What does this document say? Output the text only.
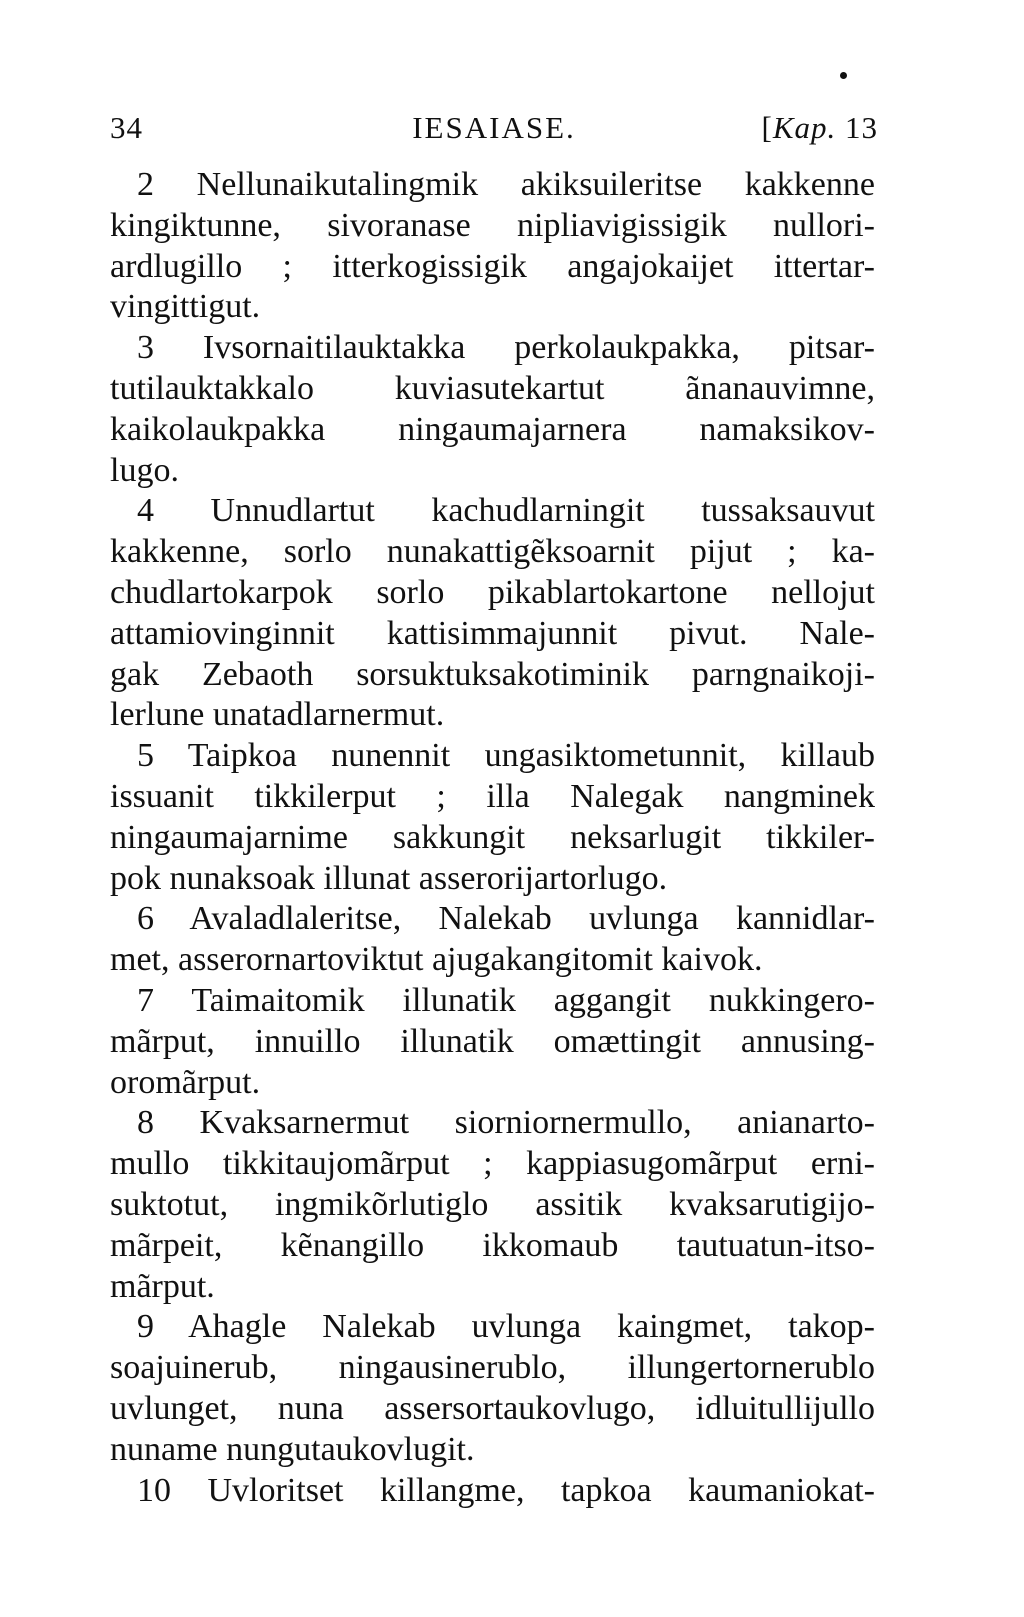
34	IESAIASE.	[Kap. 13
2 Nellunaikutalingmik akiksuileritse kakkenne
kingiktunne, sivoranase nipliavigissigik nullori-
ardlugillo ; itterkogissigik angajokaijet ittertar-
vingittigut.
3 Ivsornaitilauktakka perkolaukpakka, pitsar-
tutilauktakkalo kuviasutekartut ãnanauvimne,
kaikolaukpakka ningaumajarnera namaksikov-
lugo.
4 Unnudlartut kachudlarningit tussaksauvut
kakkenne, sorlo nunakattigẽksoarnit pijut ; ka-
chudlartokarpok sorlo pikablartokartone nellojut
attamiovinginnit kattisimmajunnit pivut. Nale-
gak Zebaoth sorsuktuksakotiminik parngnaikoji-
lerlune unatadlarnermut.
5 Taipkoa nunennit ungasiktometunnit, killaub
issuanit tikkilerput ; illa Nalegak nangminek
ningaumajarnime sakkungit neksarlugit tikkiler-
pok nunaksoak illunat asserorijartorlugo.
6 Avaladlaleritse, Nalekab uvlunga kannidlar-
met, asserornartoviktut ajugakangitomit kaivok.
7 Taimaitomik illunatik aggangit nukkingero-
mãrput, innuillo illunatik omættingit annusing-
oromãrput.
8 Kvaksarnermut siorniornermullo, anianarto-
mullo tikkitaujomãrput ; kappiasugomãrput erni-
suktotut, ingmikõrlutiglo assitik kvaksarutigijo-
mãrpeit, kẽnangillo ikkomaub tautuatun-itso-
mãrput.
9 Ahagle Nalekab uvlunga kaingmet, takop-
soajuinerub, ningausinerublo, illungertornerublo
uvlunget, nuna assersortaukovlugo, idluitullijullo
nuname nungutaukovlugit.
10 Uvloritset killangme, tapkoa kaumaniokat-
